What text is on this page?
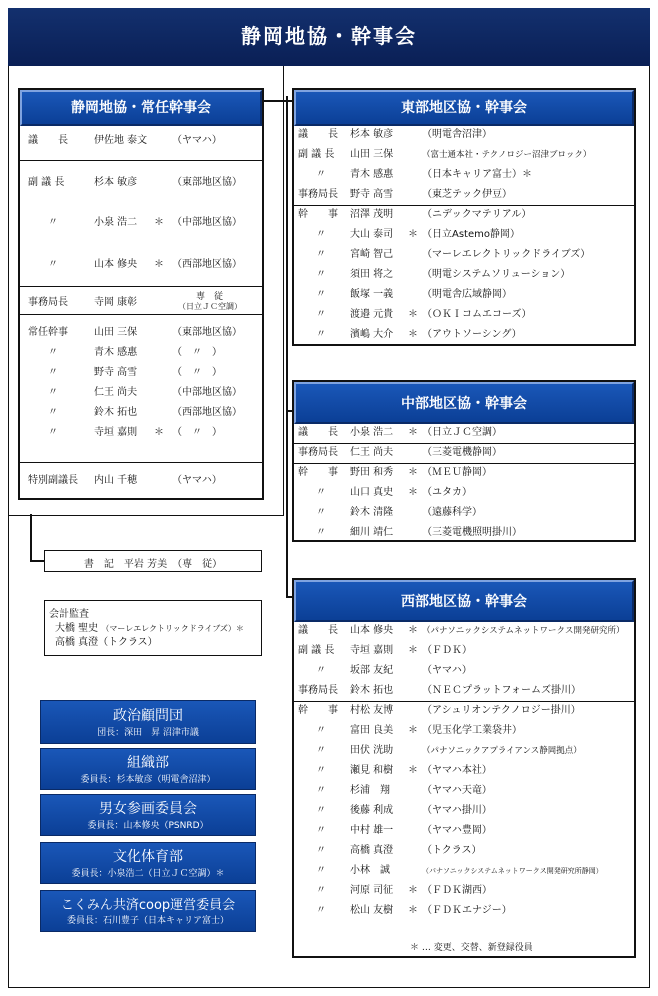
静岡地協・幹事会
静岡地協・常任幹事会
議　　長	伊佐地 泰文 （ヤマハ）
副 議 長	杉本 敏彦	（東部地区協）
〃	小泉 浩二 ＊ （中部地区協）
〃	山本 修央 ＊ （西部地区協）
事務局長	寺岡 康彰	専　従
（日立ＪＣ空調）
常任幹事	山田 三保	（東部地区協）
〃	青木 感惠	（　〃　）
〃	野寺 高雪	（　〃　）
〃	仁王 尚夫	（中部地区協）
〃	鈴木 拓也	（西部地区協）
〃	寺垣 嘉則 ＊ （　〃　）
特別副議長 内山 千穂	（ヤマハ）
書　記　平岩 芳美　（専　従）
会計監査
大橋 聖史 （マーレエレクトリックドライブズ）＊
高橋 真澄（トクラス）
政治顧問団
団長：深田　昇 沼津市議
組織部
委員長：杉本敏彦（明電舎沼津）
男女参画委員会
委員長：山本修央（PSNRD）
文化体育部
委員長：小泉浩二（日立ＪＣ空調）＊
こくみん共済coop運営委員会
委員長：石川豊子（日本キャリア富士）
東部地区協・幹事会
議　　長 杉本 敏彦	（明電舎沼津）
副 議 長 山田 三保	（富士通本社・テクノロジー沼津ブロック）
〃 青木 感惠	（日本キャリア富士）＊
事務局長 野寺 高雪	（東芝テック伊豆）
幹　　事 沼澤 茂明	（ニデックマテリアル）
〃 大山 泰司 ＊ （日立Astemo静岡）
〃 宮崎 智己	（マーレエレクトリックドライブズ）
〃 須田 将之	（明電システムソリューション）
〃 飯塚 一義	（明電舎広域静岡）
〃 渡邉 元貴 ＊ （ＯＫＩコムエコーズ）
〃 濱嶋 大介 ＊ （アウトソーシング）
中部地区協・幹事会
議　　長 小泉 浩二 ＊ （日立ＪＣ空調）
事務局長 仁王 尚夫	（三菱電機静岡）
幹　　事 野田 和秀 ＊ （ＭＥＵ静岡）
〃 山口 真史 ＊ （ユタカ）
〃 鈴木 清隆	（遠藤科学）
〃 細川 靖仁	（三菱電機照明掛川）
西部地区協・幹事会
議　　長 山本 修央 ＊ （パナソニックシステムネットワークス開発研究所）
副 議 長 寺垣 嘉則 ＊ （ＦＤＫ）
〃 坂部 友紀	（ヤマハ）
事務局長 鈴木 拓也	（ＮＥＣプラットフォームズ掛川）
幹　　事 村松 友博	（アシュリオンテクノロジー掛川）
〃 富田 良美 ＊ （児玉化学工業袋井）
〃 田伏 洸助	（パナソニックアプライアンス静岡拠点）
〃 瀬見 和樹 ＊ （ヤマハ本社）
〃 杉浦　翔	（ヤマハ天竜）
〃 後藤 利成	（ヤマハ掛川）
〃 中村 雄一	（ヤマハ豊岡）
〃 高橋 真澄	（トクラス）
〃 小林　誠	（パナソニックシステムネットワークス開発研究所静岡）
〃 河原 司征 ＊ （ＦＤＫ湖西）
〃 松山 友樹 ＊ （ＦＤＫエナジー）
＊ … 変更、交替、新登録役員
